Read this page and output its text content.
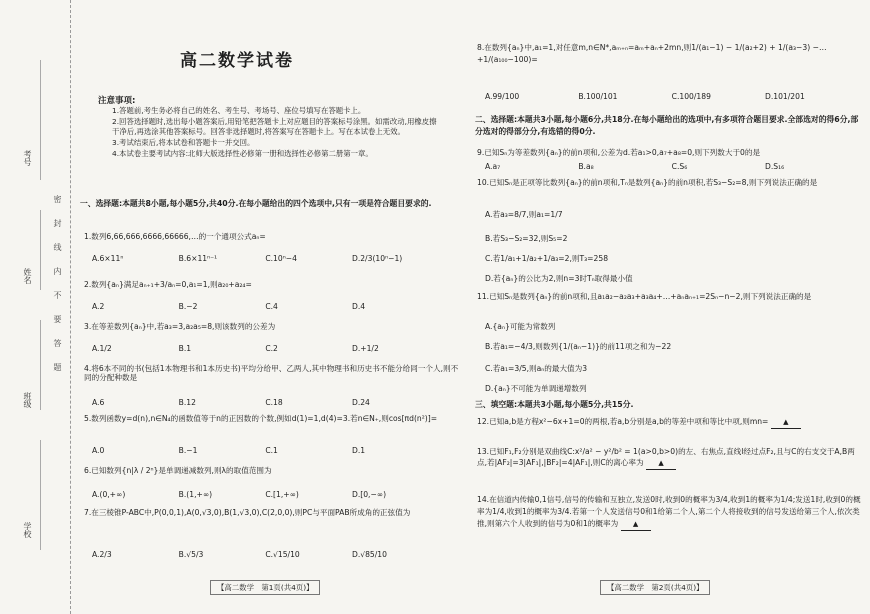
考号
姓名
班级
学校
密　　封　　线　　内　　不　　要　　答　　题
高二数学试卷
注意事项:
1.答题前,考生务必将自己的姓名、考生号、考场号、座位号填写在答题卡上。
2.回答选择题时,选出每小题答案后,用铅笔把答题卡上对应题目的答案标号涂黑。如需改动,用橡皮擦干净后,再选涂其他答案标号。回答非选择题时,将答案写在答题卡上。写在本试卷上无效。
3.考试结束后,将本试卷和答题卡一并交回。
4.本试卷主要考试内容:北师大版选择性必修第一册和选择性必修第二册第一章。
一、选择题:本题共8小题,每小题5分,共40分.在每小题给出的四个选项中,只有一项是符合题目要求的.
1.数列6,66,666,6666,66666,…的一个通项公式aₙ=
A.6×11ⁿ	B.6×11ⁿ⁻¹	C.10ⁿ−4	D.2/3(10ⁿ−1)
2.数列{aₙ}满足aₙ₊₁+3/aₙ=0,a₁=1,则a₂₀+a₂₄=
A.2	B.−2	C.4	D.4
3.在等差数列{aₙ}中,若a₃=3,a₂a₅=8,则该数列的公差为
A.1/2	B.1	C.2	D.+1/2
4.将6本不同的书(包括1本物理书和1本历史书)平均分给甲、乙两人,其中物理书和历史书不能分给同一个人,则不同的分配种数是
A.6	B.12	C.18	D.24
5.数列函数y=d(n),n∈N₄的函数值等于n的正因数的个数,例如d(1)=1,d(4)=3.若n∈N₊,则cos[πd(n²)]=
A.0	B.−1	C.1	D.1
6.已知数列{n|λ / 2ⁿ}是单调递减数列,则λ的取值范围为
A.(0,+∞)	B.(1,+∞)	C.[1,+∞)	D.[0,−∞)
7.在三棱锥P-ABC中,P(0,0,1),A(0,√3,0),B(1,√3,0),C(2,0,0),则PC与平面PAB所成角的正弦值为
A.2/3	B.√5/3	C.√15/10	D.√85/10
【高二数学　第1页(共4页)】
8.在数列{aₙ}中,a₁=1,对任意m,n∈N*,aₘ₊ₙ=aₘ+aₙ+2mn,则1/(a₁−1) − 1/(a₂+2) + 1/(a₃−3) −…+1/(a₁₀₀−100)=
A.99/100	B.100/101	C.100/189	D.101/201
二、选择题:本题共3小题,每小题6分,共18分.在每小题给出的选项中,有多项符合题目要求.全部选对的得6分,部分选对的得部分分,有选错的得0分.
9.已知Sₙ为等差数列{aₙ}的前n项和,公差为d.若a₁>0,a₇+a₈=0,则下列数大于0的是
A.a₇	B.a₈	C.S₆	D.S₁₆
10.已知Sₙ是正项等比数列{aₙ}的前n项和,Tₙ是数列{aₙ}的前n项积,若S₃−S₂=8,则下列说法正确的是
A.若a₃=8/7,则a₁=1/7
B.若S₃−S₂=32,则S₅=2
C.若1/a₁+1/a₂+1/a₃=2,则T₃=258
D.若{aₙ}的公比为2,则n=3时Tₙ取得最小值
11.已知Sₙ是数列{aₙ}的前n项和,且a₁a₂−a₂a₃+a₃a₄+…+aₙaₙ₊₁=2Sₙ−n−2,则下列说法正确的是
A.{aₙ}可能为常数列
B.若a₁=−4/3,则数列{1/(aₙ−1)}的前11项之和为−22
C.若a₁=3/5,则aₙ的最大值为3
D.{aₙ}不可能为单调递增数列
三、填空题:本题共3小题,每小题5分,共15分.
12.已知a,b是方程x²−6x+1=0的两根,若a,b分别是a,b的等差中项和等比中项,则mn= ▲
13.已知F₁,F₂分别是双曲线C:x²/a² − y²/b² = 1(a>0,b>0)的左、右焦点,直线l经过点F₂,且与C的右支交于A,B两点,若|AF₂|=3|AF₁|,|BF₂|=4|AF₁|,则C的离心率为 ▲
14.在信道内传输0,1信号,信号的传输和互独立,发送0时,收到0的概率为3/4,收到1的概率为1/4;发送1时,收到0的概率为1/4,收到1的概率为3/4.若第一个人发送信号0和1给第二个人,第二个人将接收到的信号发送给第三个人,依次类推,则第六个人收到的信号为0和1的概率为 ▲
【高二数学　第2页(共4页)】
